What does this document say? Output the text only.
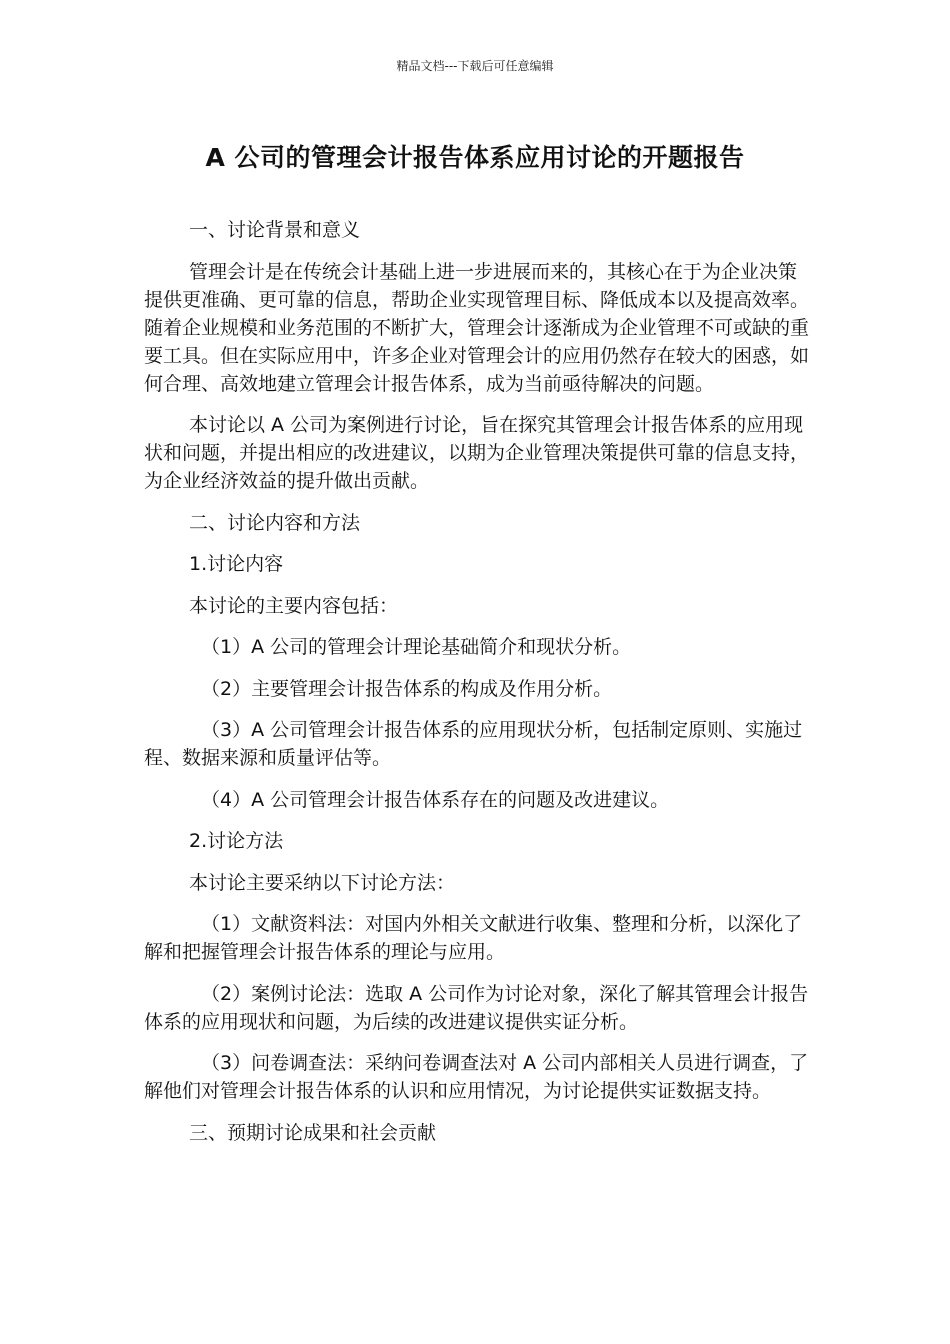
精品文档---下载后可任意编辑
A 公司的管理会计报告体系应用讨论的开题报告

一、讨论背景和意义

管理会计是在传统会计基础上进一步进展而来的，其核心在于为企业决策提供更准确、更可靠的信息，帮助企业实现管理目标、降低成本以及提高效率。随着企业规模和业务范围的不断扩大，管理会计逐渐成为企业管理不可或缺的重要工具。但在实际应用中，许多企业对管理会计的应用仍然存在较大的困惑，如何合理、高效地建立管理会计报告体系，成为当前亟待解决的问题。

本讨论以 A 公司为案例进行讨论，旨在探究其管理会计报告体系的应用现状和问题，并提出相应的改进建议，以期为企业管理决策提供可靠的信息支持，为企业经济效益的提升做出贡献。

二、讨论内容和方法

1.讨论内容

本讨论的主要内容包括：

（1）A 公司的管理会计理论基础简介和现状分析。

（2）主要管理会计报告体系的构成及作用分析。

（3）A 公司管理会计报告体系的应用现状分析，包括制定原则、实施过程、数据来源和质量评估等。

（4）A 公司管理会计报告体系存在的问题及改进建议。

2.讨论方法

本讨论主要采纳以下讨论方法：

（1）文献资料法：对国内外相关文献进行收集、整理和分析，以深化了解和把握管理会计报告体系的理论与应用。

（2）案例讨论法：选取 A 公司作为讨论对象，深化了解其管理会计报告体系的应用现状和问题，为后续的改进建议提供实证分析。

（3）问卷调查法：采纳问卷调查法对 A 公司内部相关人员进行调查，了解他们对管理会计报告体系的认识和应用情况，为讨论提供实证数据支持。

三、预期讨论成果和社会贡献
